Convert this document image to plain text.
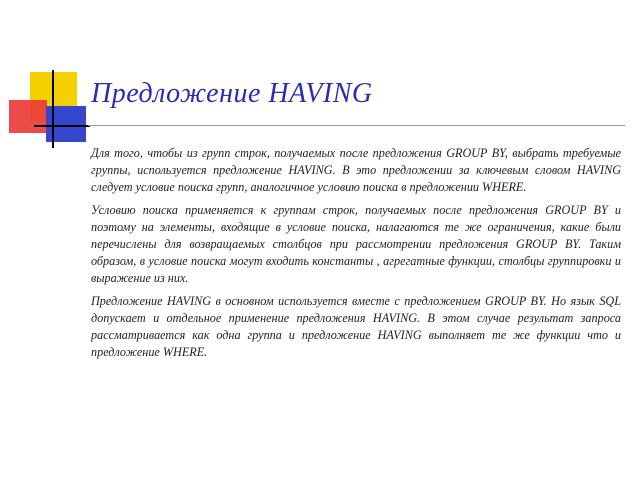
Предложение HAVING

Для того, чтобы из групп строк, получаемых после предложения GROUP BY, выбрать требуемые группы, используется предложение HAVING. В это предложении за ключевым словом HAVING следует условие поиска групп, аналогичное условию поиска в предложении WHERE.

Условию поиска применяется к группам строк, получаемых после предложения GROUP BY и поэтому на элементы, входящие в условие поиска, налагаются те же ограничения, какие были перечислены для возвращаемых столбцов при рассмотрении предложения GROUP BY. Таким образом, в условие поиска могут входить константы , агрегатные функции, столбцы группировки и выражение из них.

Предложение HAVING в основном используется вместе с предложением GROUP BY. Но язык SQL допускает и отдельное применение предложения HAVING. В этом случае результат запроса рассматривается как одна группа и предложение HAVING выполняет те же функции что и предложение WHERE.
